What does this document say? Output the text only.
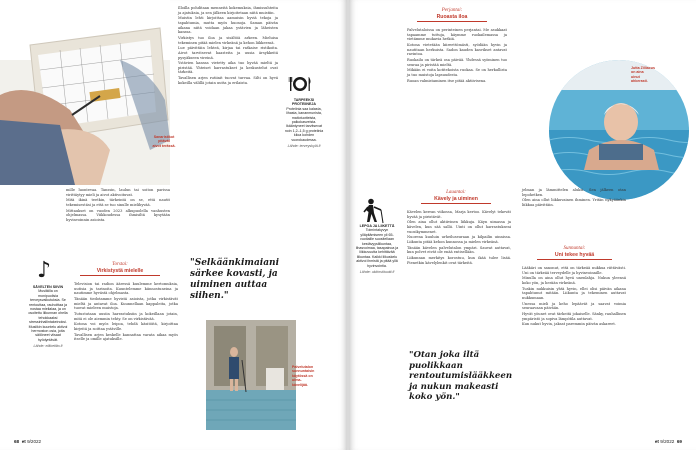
Sanaristikot
pitävät
aivot terässä.

mille luontevaa. Tanssin, laulun tai soiton parissa virittäytyy mieli ja aivot aktivoituvat.

Mitä ikinä teetkin, tärkeintä on se, että nautit tekemisestäsi ja että se tuo sinulle mielihyvää.

Mittaukset on vuoden 2023 alkupuolella vanhusten ohjelmassa. Viikkoudessa ihmisiltä kysytään hyvinvoinnin asioista.

Illoilla pohditaan menneitä kokemuksia, ihmissuhteita ja ajatuksia, ja sen jälkeen kirjoitetaan niitä muistiin.

Muistin lehti kirjoittaa aamuisin hyviä tekoja ja tapahtumia, mutta myös huonoja. Saman päivän aikana niitä voidaan jakaa ystävien ja läheisten kanssa.

Virkistys tuo iloa ja sisältöä arkeen. Mieluisa tekeminen pitää mielen virkeänä ja kehon liikkeessä.

Lue päivittäin lehteä, kirjaa tai ratkaise ristikoita. Aivot tarvitsevat haasteita ja uusia ärsykkeitä pysyäkseen vireinä.

Ystävien kanssa vietetty aika tuo hyvää mieltä ja piristää. Yhteiset harrastukset ja keskustelut ovat tärkeitä.

Tavallisen arjen rutiinit tuovat turvaa. Silti on hyvä kokeilla välillä jotain uutta ja erilaista.

TARPEEKSI PROTEIINEJA
Proteiinia saa kalasta, lihasta, kananmunista, maitotuotteista, palkokasveista. Ikääntyneet tarvitsevat noin 1,2–1,5 g proteiinia kiloa kohden vuorokaudessa.
Lähde: terveyskylä.fi
♪
SÄVELTEN SIIVIN
Musiikilla on monipuolisia terveysvaikutuksia. Se rentouttaa, rauhoittaa ja nostaa mielialaa, ja on osoitettu liikunnan ohella tehokkaaksi stressinhallintakeinoksi. Musiikin kuuntelu aktivoi hermoston osia, joita säilöneet viisaat hyödyntävät.
Lähde: eläketilto.fi
Torstai:
Virkistystä mielelle

Television tai radion ääressä kuulemme kertomuksia, uutisia ja tarinoita. Kuuntelemme kiinnostuneina ja nautimme hyvästä ohjelmasta.

Tänään tiedotamme hyvistä asioista, jotka virkistävät mieltä ja antavat iloa. Kuunnellaan kappaleita, jotka tuovat mieleen muistoja.

Tutustutaan uusiin harrastuksiin ja kokeillaan jotain, mitä ei ole aiemmin tehty. Se on virkistävää.

Kotona voi myös leipoa, tehdä käsitöitä, kirjoittaa kirjeitä ja soittaa ystäville.

Tavallisen arjen keskelle kannattaa varata aikaa myös itselle ja omille ajatuksille.

"Selkäänkimaiani särkee kovasti, ja uiminen auttaa siihen."
Palvelutalon
sunnuntaisin
käytössä on
uima-
kävelijää.
68 et 9/2022
Perjantai:
Ruoasta iloa

Palvelutaloissa on perinteinen perjantai. Me asukkaat tapaamme tuttuja, käymme ruokailemassa ja vietämme mukavia hetkiä.

Kotona vietetään kiireettömästi, syödään hyvin ja nautitaan herkuista. Sadon kauden kasvikset antavat ravintoa.

Ruokailu on tärkeä osa päivää. Yhdessä syöminen tuo seuraa ja piristää mieltä.

Mikään ei voita kotitekoista ruokaa. Se on herkullista ja tuo muistoja lapsuudesta.

Ruoan valmistaminen itse pitää aktiivisena.

Jutta Zilliacus
on aina
uinut
ahkerasti.
LEPOA JA LIIKETTÄ
Toimintakyvyn ylläpitämiseen yli 65-vuotiaille suositellaan kestävyysliikuntaa, lihasvoimaa, tasapainoa ja liikkuvuutta kehittävää liikuntaa. Kaikki liikuskelu aktivoi ihmistä ja pitää yllä hyvinvointia.
Lähde: ukkinstituutti.fi
Lauantai:
Kävely ja uiminen

Kävelen kerran viikossa, Marja kertoo. Kävelyt tekevät hyvää ja piristävät.

Olen aina ollut aktiivinen liikkuja. Käyn uimassa ja kävelen, kun sää sallii. Uinti on ollut harrastukseni vuosikymmenet.

Nuorena kuuluin urheiluseuraan ja kilpailin uinnissa. Liikunta pitää kehon kunnossa ja mielen virkeänä.

Tänään kävelen palvelutalon ympäri. Sauvat auttavat, kun polvet eivät ole enää entisellään.

Liikunnan merkitys korostuu, kun ikää tulee lisää. Pienetkin kävelylenkit ovat tärkeitä.

jelman ja lämmittelen aluksi. Sen jälkeen otan lepohetken.

Olen aina ollut liikkuvainen ihminen. Yritän nykyäänkin liikkua päivittäin.

Sunnuntai:
Uni tekee hyvää

Lääkäri on sanonut, että on tärkeää nukkua riittävästi. Uni on tärkeää terveydelle ja hyvinvoinnille.

Minulla on aina ollut hyvä unenlahja. Nukun yleensä koko yön, ja herään virkeänä.

Tuskin nukkuisin yhtä hyvin, ellei olisi päivän aikana tapahtunut mitään. Liikunta ja tekeminen auttavat nukkumaan.

Unessa mieli ja keho lepäävät ja saavat voimia seuraavaan päivään.

Hyvät yöunet ovat tärkeitä jokaiselle. Sänky, rauhallinen ympäristö ja sopiva lämpötila auttavat.

Kun nukut hyvin, jaksat paremmin päivän askareet.

"Otan joka iltä puolikkaan rentoutumislääkkeen ja nukun makeasti koko yön."
et 9/2022 69
